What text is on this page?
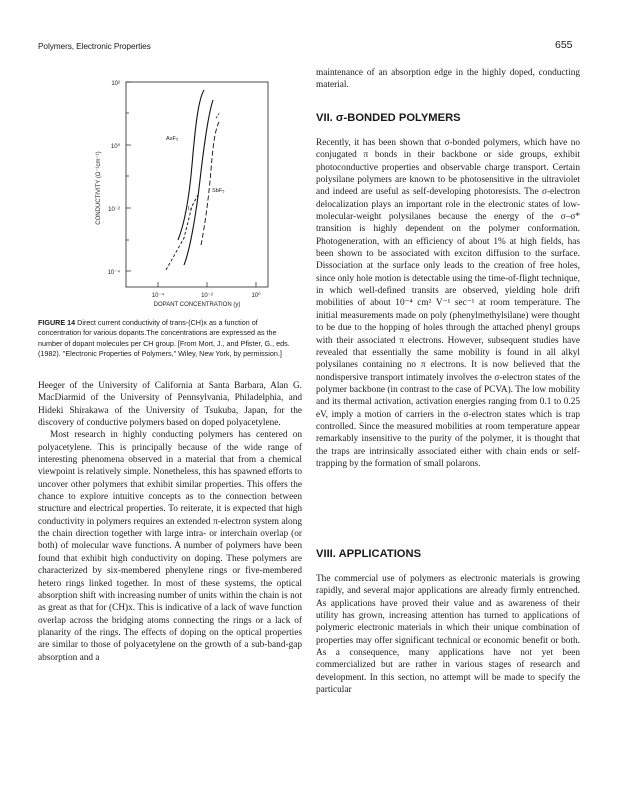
Polymers, Electronic Properties	655
10²
10⁰
10⁻²
10⁻⁴
10⁻⁴	10⁻²	10⁰
DOPANT CONCENTRATION (y)
CONDUCTIVITY (Ω⁻¹cm⁻¹)
AsF₅
SbF₅
I₂
FIGURE 14 Direct current conductivity of trans-(CH)x as a function of concentration for various dopants.The concentrations are expressed as the number of dopant molecules per CH group. [From Mort, J., and Pfister, G., eds. (1982). "Electronic Properties of Polymers," Wiley, New York, by permission.]

Heeger of the University of California at Santa Barbara, Alan G. MacDiarmid of the University of Pennsylvania, Philadelphia, and Hideki Shirakawa of the University of Tsukuba, Japan, for the discovery of conductive polymers based on doped polyacetylene.

Most research in highly conducting polymers has centered on polyacetylene. This is principally because of the wide range of interesting phenomena observed in a material that from a chemical viewpoint is relatively simple. Nonetheless, this has spawned efforts to uncover other polymers that exhibit similar properties. This offers the chance to explore intuitive concepts as to the connection between structure and electrical properties. To reiterate, it is expected that high conductivity in polymers requires an extended π-electron system along the chain direction together with large intra- or interchain overlap (or both) of molecular wave functions. A number of polymers have been found that exhibit high conductivity on doping. These polymers are characterized by six-membered phenylene rings or five-membered hetero rings linked together. In most of these systems, the optical absorption shift with increasing number of units within the chain is not as great as that for (CH)x. This is indicative of a lack of wave function overlap across the bridging atoms connecting the rings or a lack of planarity of the rings. The effects of doping on the optical properties are similar to those of polyacetylene on the growth of a sub-band-gap absorption and a

maintenance of an absorption edge in the highly doped, conducting material.

VII. σ-BONDED POLYMERS

Recently, it has been shown that σ-bonded polymers, which have no conjugated π bonds in their backbone or side groups, exhibit photoconductive properties and observable charge transport. Certain polysilane polymers are known to be photosensitive in the ultraviolet and indeed are useful as self-developing photoresists. The σ-electron delocalization plays an important role in the electronic states of low-molecular-weight polysilanes because the energy of the σ–σ* transition is highly dependent on the polymer conformation. Photogeneration, with an efficiency of about 1% at high fields, has been shown to be associated with exciton diffusion to the surface. Dissociation at the surface only leads to the creation of free holes, since only hole motion is detectable using the time-of-flight technique, in which well-defined transits are observed, yielding hole drift mobilities of about 10⁻⁴ cm² V⁻¹ sec⁻¹ at room temperature. The initial measurements made on poly (phenylmethylsilane) were thought to be due to the hopping of holes through the attached phenyl groups with their associated π electrons. However, subsequent studies have revealed that essentially the same mobility is found in all alkyl polysilanes containing no π electrons. It is now believed that the nondispersive transport intimately involves the σ-electron states of the polymer backbone (in contrast to the case of PCVA). The low mobility and its thermal activation, activation energies ranging from 0.1 to 0.25 eV, imply a motion of carriers in the σ-electron states which is trap controlled. Since the measured mobilities at room temperature appear remarkably insensitive to the purity of the polymer, it is thought that the traps are intrinsically associated either with chain ends or self-trapping by the formation of small polarons.

VIII. APPLICATIONS

The commercial use of polymers as electronic materials is growing rapidly, and several major applications are already firmly entrenched. As applications have proved their value and as awareness of their utility has grown, increasing attention has turned to applications of polymeric electronic materials in which their unique combination of properties may offer significant technical or economic benefit or both. As a consequence, many applications have not yet been commercialized but are rather in various stages of research and development. In this section, no attempt will be made to specify the particular
